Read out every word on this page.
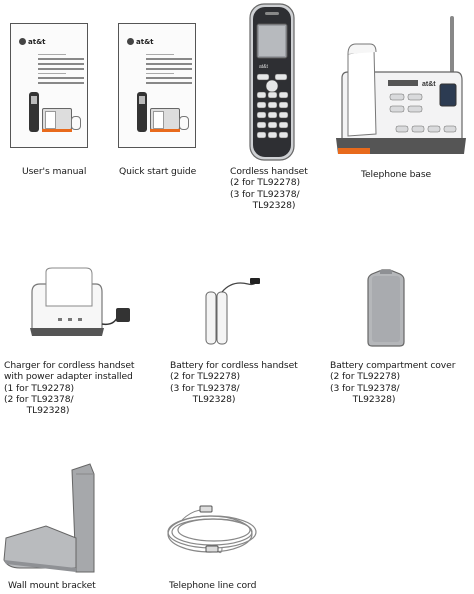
at&t
User's manual
at&t
Quick start guide
at&t
Cordless handset
(2 for TL92278)
(3 for TL92378/
TL92328)
at&t
Telephone base
Charger for cordless handset
with power adapter installed
(1 for TL92278)
(2 for TL92378/
TL92328)
Battery for cordless handset
(2 for TL92278)
(3 for TL92378/
TL92328)
Battery compartment cover
(2 for TL92278)
(3 for TL92378/
TL92328)
Wall mount bracket	Telephone line cord
